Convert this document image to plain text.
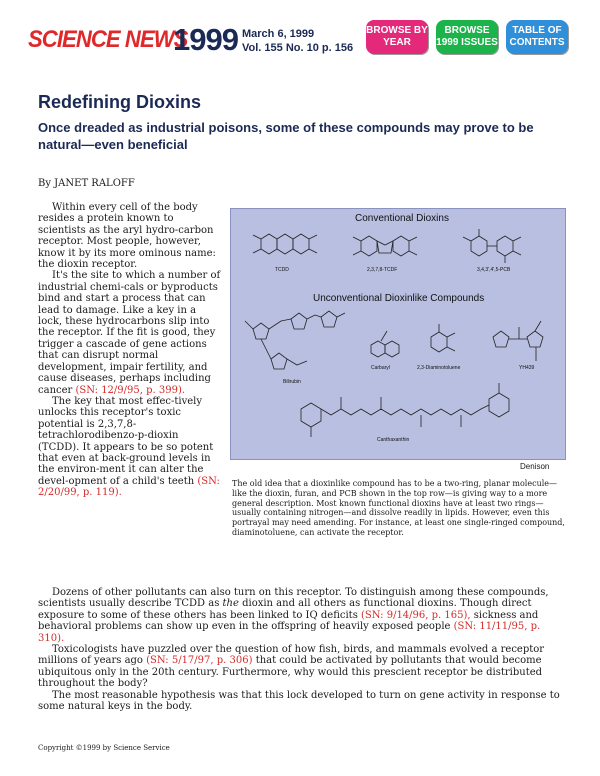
SCIENCE NEWS
1999 March 6, 1999
Vol. 155 No. 10 p. 156
BROWSE BY YEAR
BROWSE 1999 ISSUES
TABLE OF CONTENTS
Redefining Dioxins
Once dreaded as industrial poisons, some of these compounds may prove to be natural—even beneficial
By JANET RALOFF

Within every cell of the body resides a protein known to scientists as the aryl hydro-carbon receptor. Most people, however, know it by its more ominous name: the dioxin receptor.

It's the site to which a number of industrial chemi-cals or byproducts bind and start a process that can lead to damage. Like a key in a lock, these hydrocarbons slip into the receptor. If the fit is good, they trigger a cascade of gene actions that can disrupt normal development, impair fertility, and cause diseases, perhaps including cancer (SN: 12/9/95, p. 399).

The key that most effec-tively unlocks this receptor's toxic potential is 2,3,7,8-tetrachlorodibenzo-p-dioxin (TCDD). It appears to be so potent that even at back-ground levels in the environ-ment it can alter the devel-opment of a child's teeth (SN: 2/20/99, p. 119).

Conventional Dioxins
Unconventional Dioxinlike Compounds
TCDD	2,3,7,8-TCDF	3,4,3',4',5-PCB
Bilirubin
Carbaryl	2,3-Diaminotoluene	YH439
Canthaxanthin
Denison
The old idea that a dioxinlike compound has to be a two-ring, planar molecule—like the dioxin, furan, and PCB shown in the top row—is giving way to a more general description. Most known functional dioxins have at least two rings—usually containing nitrogen—and dissolve readily in lipids. However, even this portrayal may need amending. For instance, at least one single-ringed compound, diaminotoluene, can activate the receptor.

Dozens of other pollutants can also turn on this receptor. To distinguish among these compounds, scientists usually describe TCDD as the dioxin and all others as functional dioxins. Though direct exposure to some of these others has been linked to IQ deficits (SN: 9/14/96, p. 165), sickness and behavioral problems can show up even in the offspring of heavily exposed people (SN: 11/11/95, p. 310).

Toxicologists have puzzled over the question of how fish, birds, and mammals evolved a receptor millions of years ago (SN: 5/17/97, p. 306) that could be activated by pollutants that would become ubiquitous only in the 20th century. Furthermore, why would this prescient receptor be distributed throughout the body?

The most reasonable hypothesis was that this lock developed to turn on gene activity in response to some natural keys in the body.

Copyright ©1999 by Science Service
